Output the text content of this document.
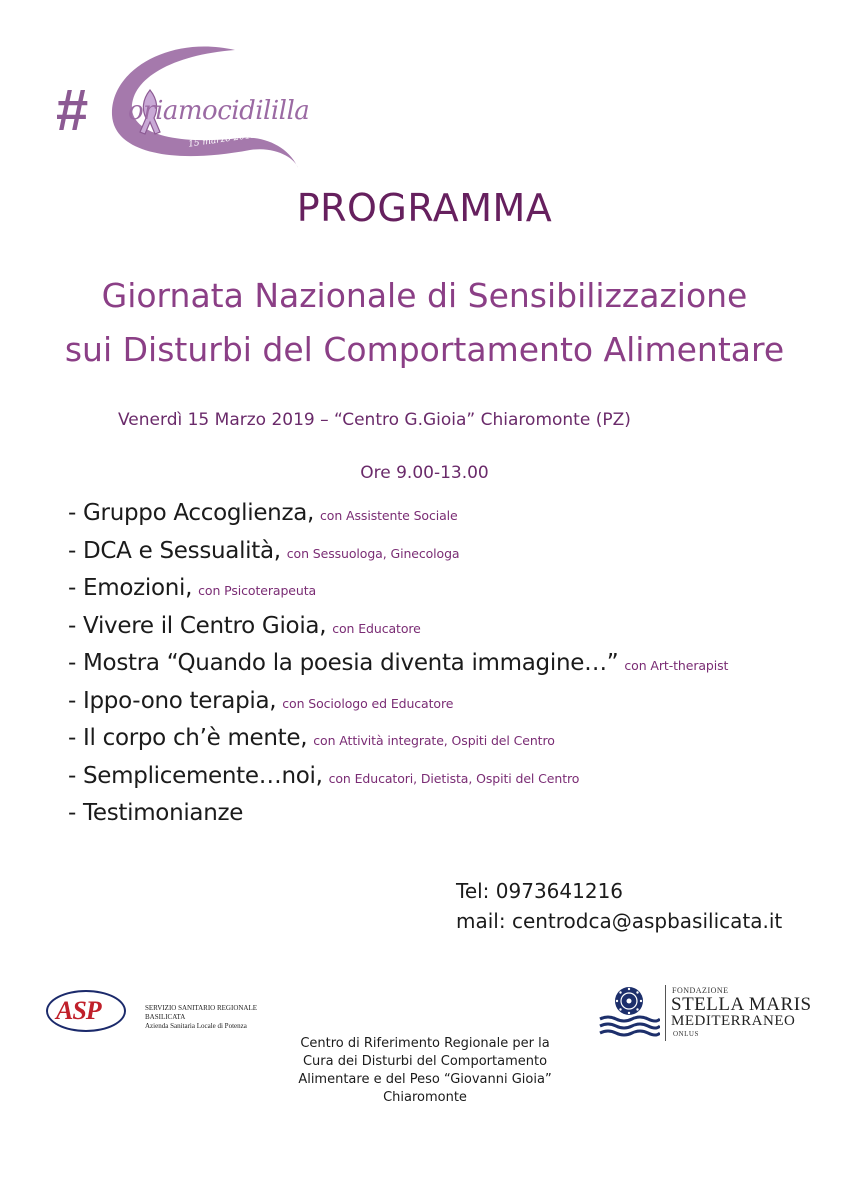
# oriamocidililla
15 marzo 2019
PROGRAMMA
Giornata Nazionale di Sensibilizzazione
sui Disturbi del Comportamento Alimentare
Venerdì 15 Marzo 2019 – “Centro G.Gioia” Chiaromonte (PZ)
Ore 9.00-13.00
- Gruppo Accoglienza, con Assistente Sociale
- DCA e Sessualità, con Sessuologa, Ginecologa
- Emozioni, con Psicoterapeuta
- Vivere il Centro Gioia, con Educatore
- Mostra “Quando la poesia diventa immagine…” con Art-therapist
- Ippo-ono terapia, con Sociologo ed Educatore
- Il corpo ch’è mente, con Attività integrate, Ospiti del Centro
- Semplicemente…noi, con Educatori, Dietista, Ospiti del Centro
- Testimonianze
Tel: 0973641216
mail: centrodca@aspbasilicata.it
ASP	SERVIZIO SANITARIO REGIONALE
BASILICATA
Azienda Sanitaria Locale di Potenza
FONDAZIONE
STELLA MARIS
MEDITERRANEO
ONLUS
Centro di Riferimento Regionale per la
Cura dei Disturbi del Comportamento
Alimentare e del Peso “Giovanni Gioia”
Chiaromonte
